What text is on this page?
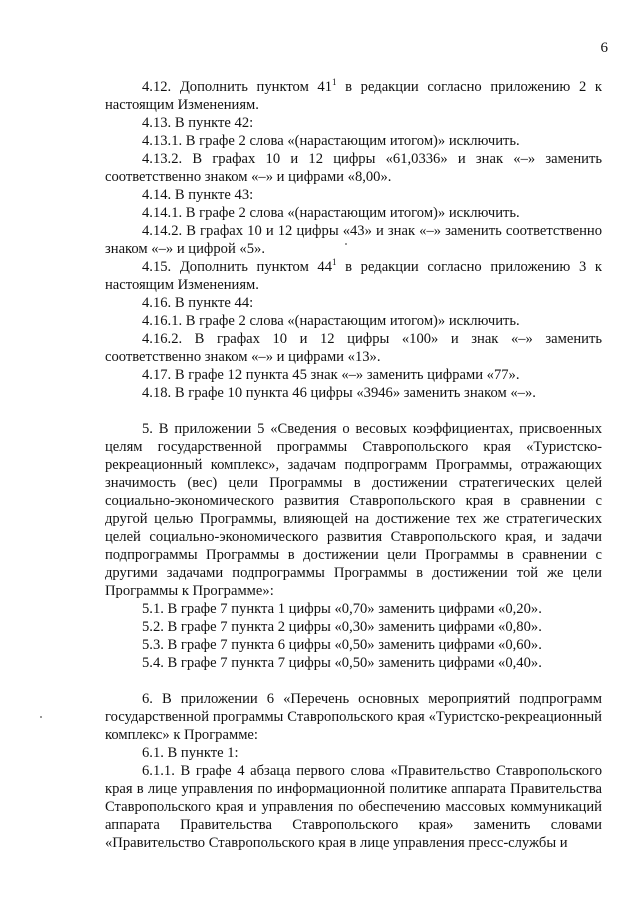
6

4.12. Дополнить пунктом $41^1$ в редакции согласно приложению 2 к настоящим Изменениям.

4.13. В пункте 42:

4.13.1. В графе 2 слова «(нарастающим итогом)» исключить.

4.13.2. В графах 10 и 12 цифры «61,0336» и знак «–» заменить соответственно знаком «–» и цифрами «8,00».

4.14. В пункте 43:

4.14.1. В графе 2 слова «(нарастающим итогом)» исключить.

4.14.2. В графах 10 и 12 цифры «43» и знак «–» заменить соответственно знаком «–» и цифрой «5».

4.15. Дополнить пунктом $44^1$ в редакции согласно приложению 3 к настоящим Изменениям.

4.16. В пункте 44:

4.16.1. В графе 2 слова «(нарастающим итогом)» исключить.

4.16.2. В графах 10 и 12 цифры «100» и знак «–» заменить соответственно знаком «–» и цифрами «13».

4.17. В графе 12 пункта 45 знак «–» заменить цифрами «77».

4.18. В графе 10 пункта 46 цифры «3946» заменить знаком «–».

5. В приложении 5 «Сведения о весовых коэффициентах, присвоенных целям государственной программы Ставропольского края «Туристско-рекреационный комплекс», задачам подпрограмм Программы, отражающих значимость (вес) цели Программы в достижении стратегических целей социально-экономического развития Ставропольского края в сравнении с другой целью Программы, влияющей на достижение тех же стратегических целей социально-экономического развития Ставропольского края, и задачи подпрограммы Программы в достижении цели Программы в сравнении с другими задачами подпрограммы Программы в достижении той же цели Программы к Программе»:

5.1. В графе 7 пункта 1 цифры «0,70» заменить цифрами «0,20».

5.2. В графе 7 пункта 2 цифры «0,30» заменить цифрами «0,80».

5.3. В графе 7 пункта 6 цифры «0,50» заменить цифрами «0,60».

5.4. В графе 7 пункта 7 цифры «0,50» заменить цифрами «0,40».

6. В приложении 6 «Перечень основных мероприятий подпрограмм государственной программы Ставропольского края «Туристско-рекреационный комплекс» к Программе:

6.1. В пункте 1:

6.1.1. В графе 4 абзаца первого слова «Правительство Ставропольского края в лице управления по информационной политике аппарата Правительства Ставропольского края и управления по обеспечению массовых коммуникаций аппарата Правительства Ставропольского края» заменить словами «Правительство Ставропольского края в лице управления пресс-службы и
